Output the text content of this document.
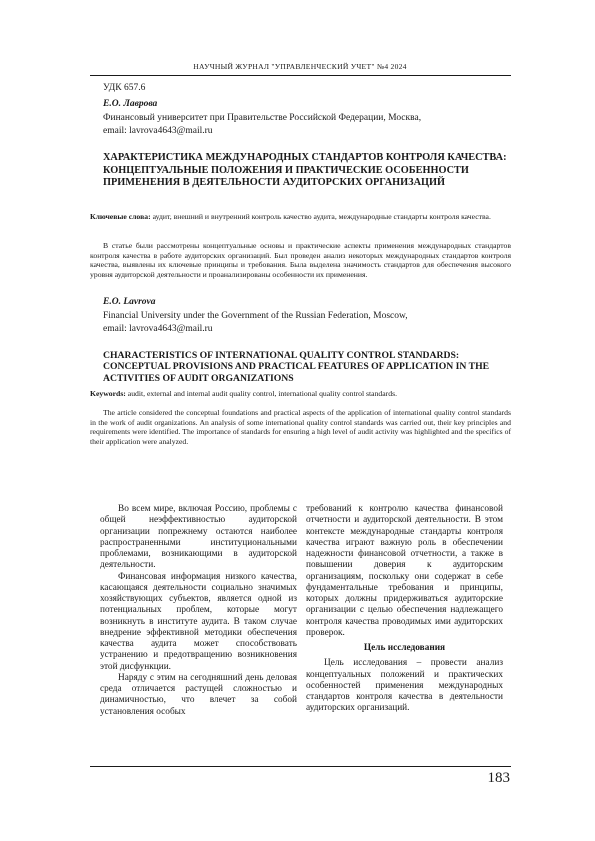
НАУЧНЫЙ ЖУРНАЛ "УПРАВЛЕНЧЕСКИЙ УЧЕТ" №4 2024
УДК 657.6
Е.О. Лаврова
Финансовый университет при Правительстве Российской Федерации, Москва,
email: lavrova4643@mail.ru
ХАРАКТЕРИСТИКА МЕЖДУНАРОДНЫХ СТАНДАРТОВ КОНТРОЛЯ КАЧЕСТВА: КОНЦЕПТУАЛЬНЫЕ ПОЛОЖЕНИЯ И ПРАКТИЧЕСКИЕ ОСОБЕННОСТИ ПРИМЕНЕНИЯ В ДЕЯТЕЛЬНОСТИ АУДИТОРСКИХ ОРГАНИЗАЦИЙ
Ключевые слова: аудит, внешний и внутренний контроль качество аудита, международные стандарты контроля качества.
В статье были рассмотрены концептуальные основы и практические аспекты применения международных стандартов контроля качества в работе аудиторских организаций. Был проведен анализ некоторых международных стандартов контроля качества, выявлены их ключевые принципы и требования. Была выделена значимость стандартов для обеспечения высокого уровня аудиторской деятельности и проанализированы особенности их применения.
E.O. Lavrova
Financial University under the Government of the Russian Federation, Moscow,
email: lavrova4643@mail.ru
CHARACTERISTICS OF INTERNATIONAL QUALITY CONTROL STANDARDS: CONCEPTUAL PROVISIONS AND PRACTICAL FEATURES OF APPLICATION IN THE ACTIVITIES OF AUDIT ORGANIZATIONS
Keywords: audit, external and internal audit quality control, international quality control standards.
The article considered the conceptual foundations and practical aspects of the application of international quality control standards in the work of audit organizations. An analysis of some international quality control standards was carried out, their key principles and requirements were identified. The importance of standards for ensuring a high level of audit activity was highlighted and the specifics of their application were analyzed.

Во всем мире, включая Россию, проблемы с общей неэффективностью аудиторской организации попрежнему остаются наиболее распространенными институциональными проблемами, возникающими в аудиторской деятельности.

Финансовая информация низкого качества, касающаяся деятельности социально значимых хозяйствующих субъектов, является одной из потенциальных проблем, которые могут возникнуть в институте аудита. В таком случае внедрение эффективной методики обеспечения качества аудита может способствовать устранению и предотвращению возникновения этой дисфункции.

Наряду с этим на сегодняшний день деловая среда отличается растущей сложностью и динамичностью, что влечет за собой установления особых

требований к контролю качества финансовой отчетности и аудиторской деятельности. В этом контексте международные стандарты контроля качества играют важную роль в обеспечении надежности финансовой отчетности, а также в повышении доверия к аудиторским организациям, поскольку они содержат в себе фундаментальные требования и принципы, которых должны придерживаться аудиторские организации с целью обеспечения надлежащего контроля качества проводимых ими аудиторских проверок.

Цель исследования

Цель исследования – провести анализ концептуальных положений и практических особенностей применения международных стандартов контроля качества в деятельности аудиторских организаций.

183
